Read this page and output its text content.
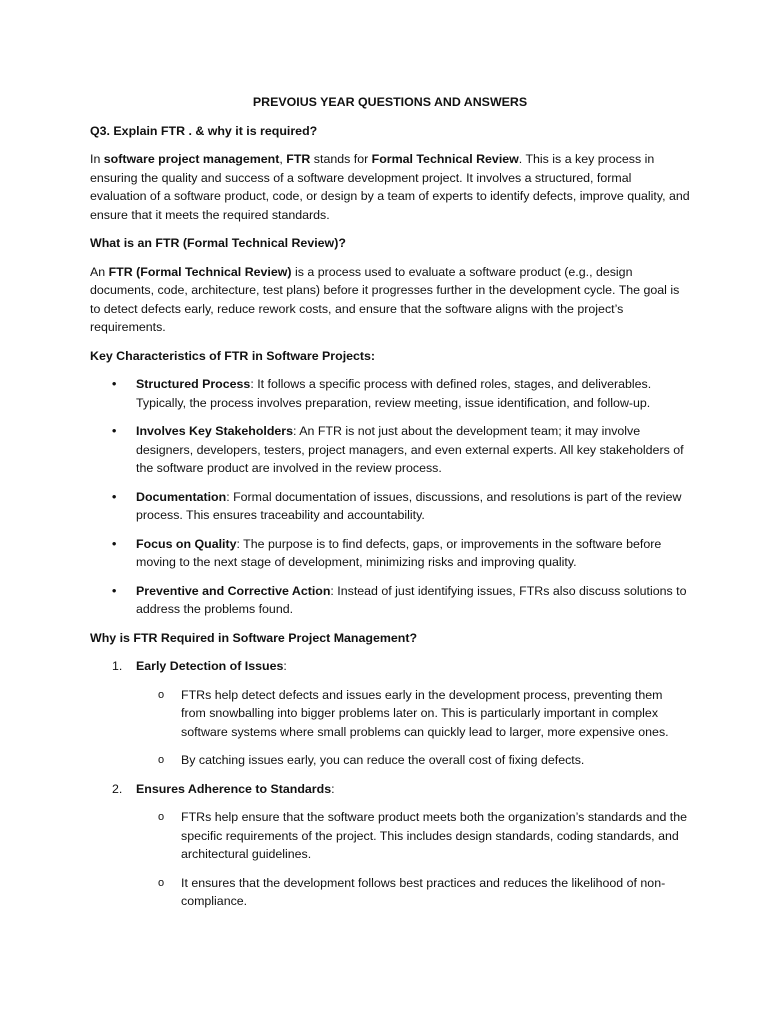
PREVOIUS YEAR QUESTIONS AND ANSWERS

Q3. Explain FTR . & why it is required?

In software project management, FTR stands for Formal Technical Review. This is a key process in ensuring the quality and success of a software development project. It involves a structured, formal evaluation of a software product, code, or design by a team of experts to identify defects, improve quality, and ensure that it meets the required standards.

What is an FTR (Formal Technical Review)?

An FTR (Formal Technical Review) is a process used to evaluate a software product (e.g., design documents, code, architecture, test plans) before it progresses further in the development cycle. The goal is to detect defects early, reduce rework costs, and ensure that the software aligns with the project’s requirements.

Key Characteristics of FTR in Software Projects:

• Structured Process: It follows a specific process with defined roles, stages, and deliverables. Typically, the process involves preparation, review meeting, issue identification, and follow-up.
• Involves Key Stakeholders: An FTR is not just about the development team; it may involve designers, developers, testers, project managers, and even external experts. All key stakeholders of the software product are involved in the review process.
• Documentation: Formal documentation of issues, discussions, and resolutions is part of the review process. This ensures traceability and accountability.
• Focus on Quality: The purpose is to find defects, gaps, or improvements in the software before moving to the next stage of development, minimizing risks and improving quality.
• Preventive and Corrective Action: Instead of just identifying issues, FTRs also discuss solutions to address the problems found.

Why is FTR Required in Software Project Management?

1. Early Detection of Issues:
o FTRs help detect defects and issues early in the development process, preventing them from snowballing into bigger problems later on. This is particularly important in complex software systems where small problems can quickly lead to larger, more expensive ones.
o By catching issues early, you can reduce the overall cost of fixing defects.
2. Ensures Adherence to Standards:
o FTRs help ensure that the software product meets both the organization’s standards and the specific requirements of the project. This includes design standards, coding standards, and architectural guidelines.
o It ensures that the development follows best practices and reduces the likelihood of non-compliance.
